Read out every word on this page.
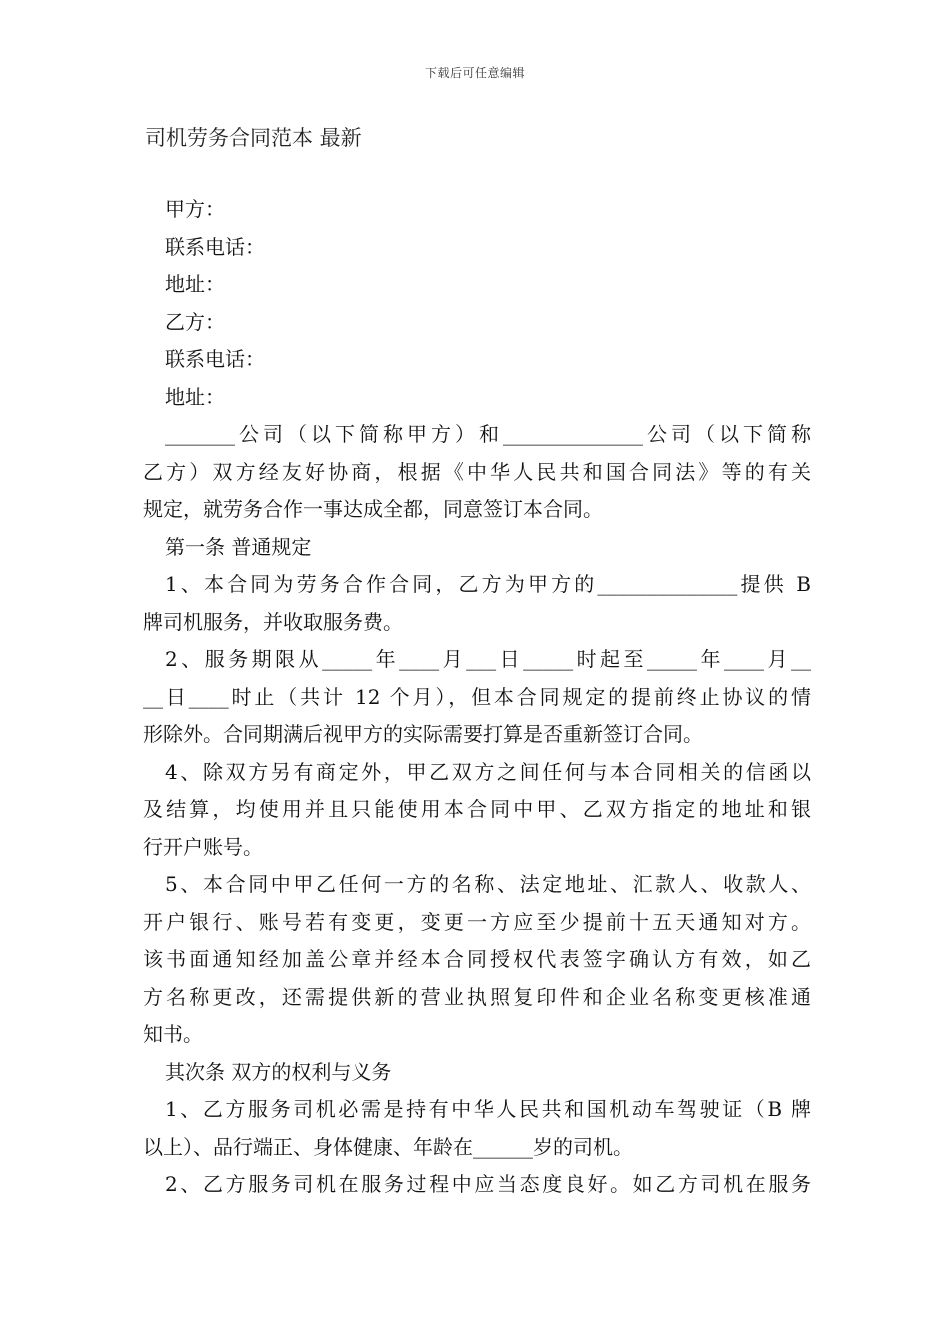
下载后可任意编辑
司机劳务合同范本 最新
甲方：
联系电话：
地址：
乙方：
联系电话：
地址：
_______公司（以下简称甲方）和______________公司（以下简称
乙方）双方经友好协商，根据《中华人民共和国合同法》等的有关
规定，就劳务合作一事达成全都，同意签订本合同。
第一条 普通规定
1、本合同为劳务合作合同，乙方为甲方的______________提供 B
牌司机服务，并收取服务费。
2、服务期限从_____年____月___日_____时起至_____年____月__
__日____时止（共计 12 个月），但本合同规定的提前终止协议的情
形除外。合同期满后视甲方的实际需要打算是否重新签订合同。
4、除双方另有商定外，甲乙双方之间任何与本合同相关的信函以
及结算，均使用并且只能使用本合同中甲、乙双方指定的地址和银
行开户账号。
5、本合同中甲乙任何一方的名称、法定地址、汇款人、收款人、
开户银行、账号若有变更，变更一方应至少提前十五天通知对方。
该书面通知经加盖公章并经本合同授权代表签字确认方有效，如乙
方名称更改，还需提供新的营业执照复印件和企业名称变更核准通
知书。
其次条 双方的权利与义务
1、乙方服务司机必需是持有中华人民共和国机动车驾驶证（B 牌
以上）、品行端正、身体健康、年龄在______岁的司机。
2、乙方服务司机在服务过程中应当态度良好。如乙方司机在服务
